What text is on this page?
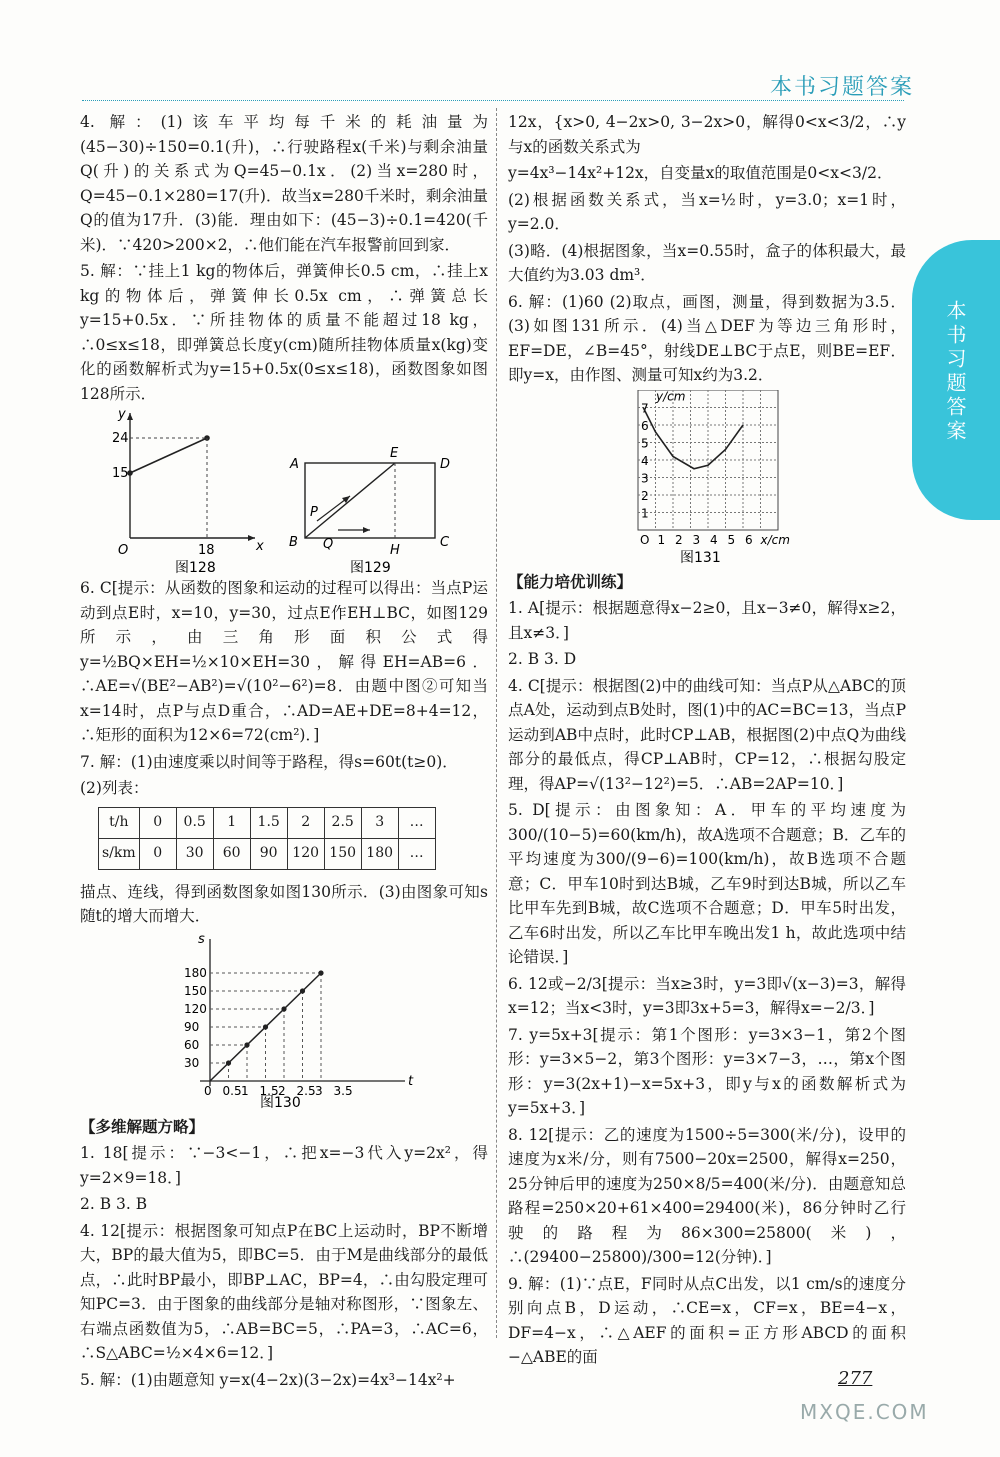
本书习题答案
本书习题答案

4. 解：(1)该车平均每千米的耗油量为(45−30)÷150=0.1(升)，∴行驶路程x(千米)与剩余油量Q(升)的关系式为Q=45−0.1x．(2)当x=280时，Q=45−0.1×280=17(升)．故当x=280千米时，剩余油量Q的值为17升．(3)能．理由如下：(45−3)÷0.1=420(千米)．∵420>200×2，∴他们能在汽车报警前回到家．

5. 解：∵挂上1 kg的物体后，弹簧伸长0.5 cm，∴挂上x kg的物体后，弹簧伸长0.5x cm，∴弹簧总长y=15+0.5x．∵所挂物体的质量不能超过18 kg，∴0≤x≤18，即弹簧总长度y(cm)随所挂物体质量x(kg)变化的函数解析式为y=15+0.5x(0≤x≤18)，函数图象如图128所示．

24
15
O	18	x
y
图128
A
E
D
B
H
C
P
Q
图129

6. C[提示：从函数的图象和运动的过程可以得出：当点P运动到点E时，x=10，y=30，过点E作EH⊥BC，如图129所示，由三角形面积公式得y=½BQ×EH=½×10×EH=30，解得EH=AB=6．∴AE=√(BE²−AB²)=√(10²−6²)=8．由题中图②可知当x=14时，点P与点D重合，∴AD=AE+DE=8+4=12，∴矩形的面积为12×6=72(cm²)．]

7. 解：(1)由速度乘以时间等于路程，得s=60t(t≥0)．

(2)列表：

t/h	0	0.5	1	1.5	2	2.5	3	…
s/km	0	30	60	90	120	150	180	…

描点、连线，得到函数图象如图130所示．(3)由图象可知s随t的增大而增大．

180
150
120
90
60
30
0 0.5 1 1.5 2 2.5 3 3.5
t
s
图130

【多维解题方略】

1. 18[提示：∵−3<−1，∴把x=−3代入y=2x²，得y=2×9=18．]

2. B 3. B

4. 12[提示：根据图象可知点P在BC上运动时，BP不断增大，BP的最大值为5，即BC=5．由于M是曲线部分的最低点，∴此时BP最小，即BP⊥AC，BP=4，∴由勾股定理可知PC=3．由于图象的曲线部分是轴对称图形，∵图象左、右端点函数值为5，∴AB=BC=5，∴PA=3，∴AC=6，∴S△ABC=½×4×6=12．]

5. 解：(1)由题意知 y=x(4−2x)(3−2x)=4x³−14x²+

12x，{x>0, 4−2x>0, 3−2x>0，解得0<x<3/2，∴y与x的函数关系式为

y=4x³−14x²+12x，自变量x的取值范围是0<x<3/2．

(2)根据函数关系式，当x=½时，y=3.0；x=1时，y=2.0．

(3)略．(4)根据图象，当x=0.55时，盒子的体积最大，最大值约为3.03 dm³．

6. 解：(1)60 (2)取点，画图，测量，得到数据为3.5．(3)如图131所示．(4)当△DEF为等边三角形时，EF=DE，∠B=45°，射线DE⊥BC于点E，则BE=EF．即y=x，由作图、测量可知x约为3.2．

7
6
5
4
3
2
1
O 1 2 3 4 5 6 x/cm
y/cm
图131

【能力培优训练】

1. A[提示：根据题意得x−2≥0，且x−3≠0，解得x≥2，且x≠3．]

2. B 3. D

4. C[提示：根据图(2)中的曲线可知：当点P从△ABC的顶点A处，运动到点B处时，图(1)中的AC=BC=13，当点P运动到AB中点时，此时CP⊥AB，根据图(2)中点Q为曲线部分的最低点，得CP⊥AB时，CP=12，∴根据勾股定理，得AP=√(13²−12²)=5．∴AB=2AP=10．]

5. D[提示：由图象知：A．甲车的平均速度为300/(10−5)=60(km/h)，故A选项不合题意；B．乙车的平均速度为300/(9−6)=100(km/h)，故B选项不合题意；C．甲车10时到达B城，乙车9时到达B城，所以乙车比甲车先到B城，故C选项不合题意；D．甲车5时出发，乙车6时出发，所以乙车比甲车晚出发1 h，故此选项中结论错误．]

6. 12或−2/3[提示：当x≥3时，y=3即√(x−3)=3，解得x=12；当x<3时，y=3即3x+5=3，解得x=−2/3．]

7. y=5x+3[提示：第1个图形：y=3×3−1，第2个图形：y=3×5−2，第3个图形：y=3×7−3，…，第x个图形：y=3(2x+1)−x=5x+3，即y与x的函数解析式为y=5x+3．]

8. 12[提示：乙的速度为1500÷5=300(米/分)，设甲的速度为x米/分，则有7500−20x=2500，解得x=250，25分钟后甲的速度为250×8/5=400(米/分)．由题意知总路程=250×20+61×400=29400(米)，86分钟时乙行驶的路程为86×300=25800(米)，∴(29400−25800)/300=12(分钟)．]

9. 解：(1)∵点E，F同时从点C出发，以1 cm/s的速度分别向点B，D运动，∴CE=x，CF=x，BE=4−x，DF=4−x，∴△AEF的面积=正方形ABCD的面积−△ABE的面

277
MXQE.COM
